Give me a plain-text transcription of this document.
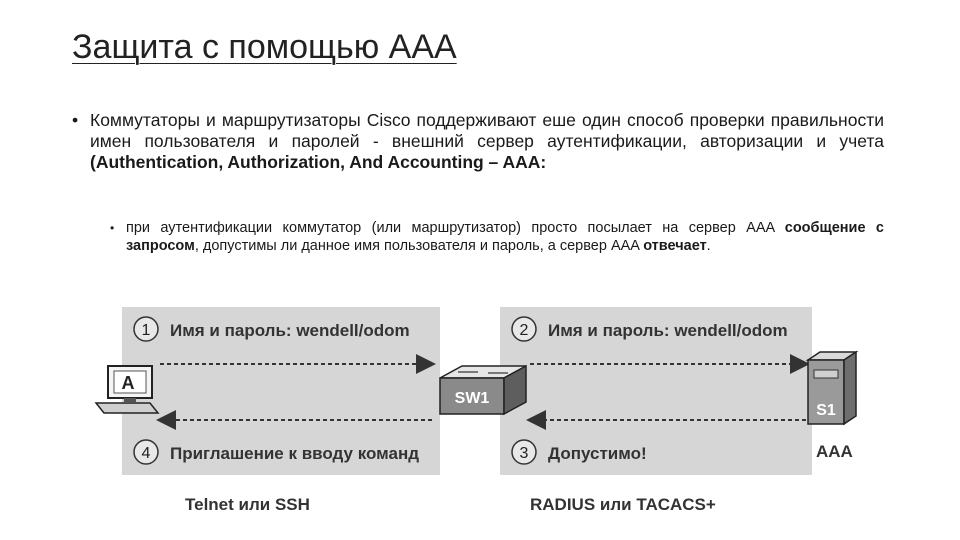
Защита с помощью AAA
• Коммутаторы и маршрутизаторы Cisco поддерживают еше один способ проверки правильности имен пользователя и паролей - внешний сервер аутентификации, авторизации и учета (Authentication, Authorization, And Accounting – AAA:
• при аутентификации коммутатор (или маршрутизатор) просто посылает на сервер AAA сообщение с запросом, допустимы ли данное имя пользователя и пароль, а сервер AAA отвечает.
1 Имя и пароль: wendell/odom	2 Имя и пароль: wendell/odom
3 Допустимо!
4 Приглашение к вводу команд
A
SW1
S1
AAA
Telnet или SSH	RADIUS или TACACS+
